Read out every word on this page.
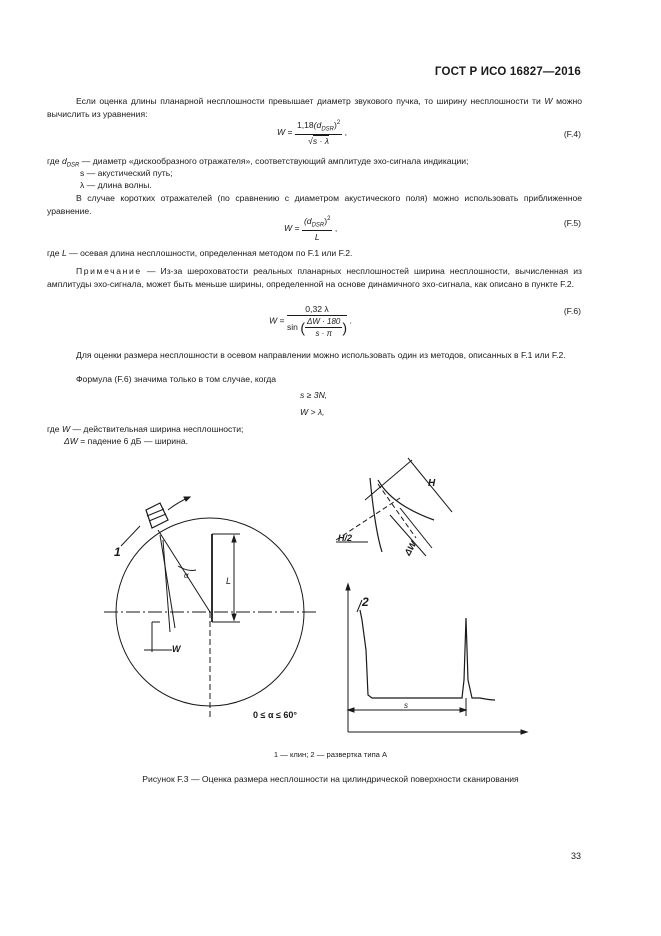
ГОСТ Р ИСО 16827—2016
Если оценка длины планарной несплошности превышает диаметр звукового пучка, то ширину несплошности ти W можно вычислить из уравнения:
$W = \frac{1,18(d_{DSR})^2}{√s \cdot \lambda}$ ,	(F.4)
где $d_{DSR}$ — диаметр «дискообразного отражателя», соответствующий амплитуде эхо-сигнала индикации;
s — акустический путь;
λ — длина волны.
В случае коротких отражателей (по сравнению с диаметром акустического поля) можно использовать приближенное уравнение.
$W = \frac{(d_{DSR})^2}{L}$ ,
(F.5)
где L — осевая длина несплошности, определенная методом по F.1 или F.2.
Примечание — Из-за шероховатости реальных планарных несплошностей ширина несплошности, вычисленная из амплитуды эхо-сигнала, может быть меньше ширины, определенной на основе динамичного эхо-сигнала, как описано в пункте F.2.
$W = \frac{0,32 \lambda}{\sin ( \frac{\Delta W \cdot 180}{s \cdot \pi} )}$ .
(F.6)
Для оценки размера несплошности в осевом направлении можно использовать один из методов, описанных в F.1 или F.2.
Формула (F.6) значима только в том случае, когда
s ≥ 3N,
W > λ,
где W — действительная ширина несплошности;
ΔW = падение 6 дБ — ширина.
1
α
L
W
H
H/2
ΔW
2
s
0 ≤ α ≤ 60°
1 — клин; 2 — развертка типа A
Рисунок F.3 — Оценка размера несплошности на цилиндрической поверхности сканирования
33
